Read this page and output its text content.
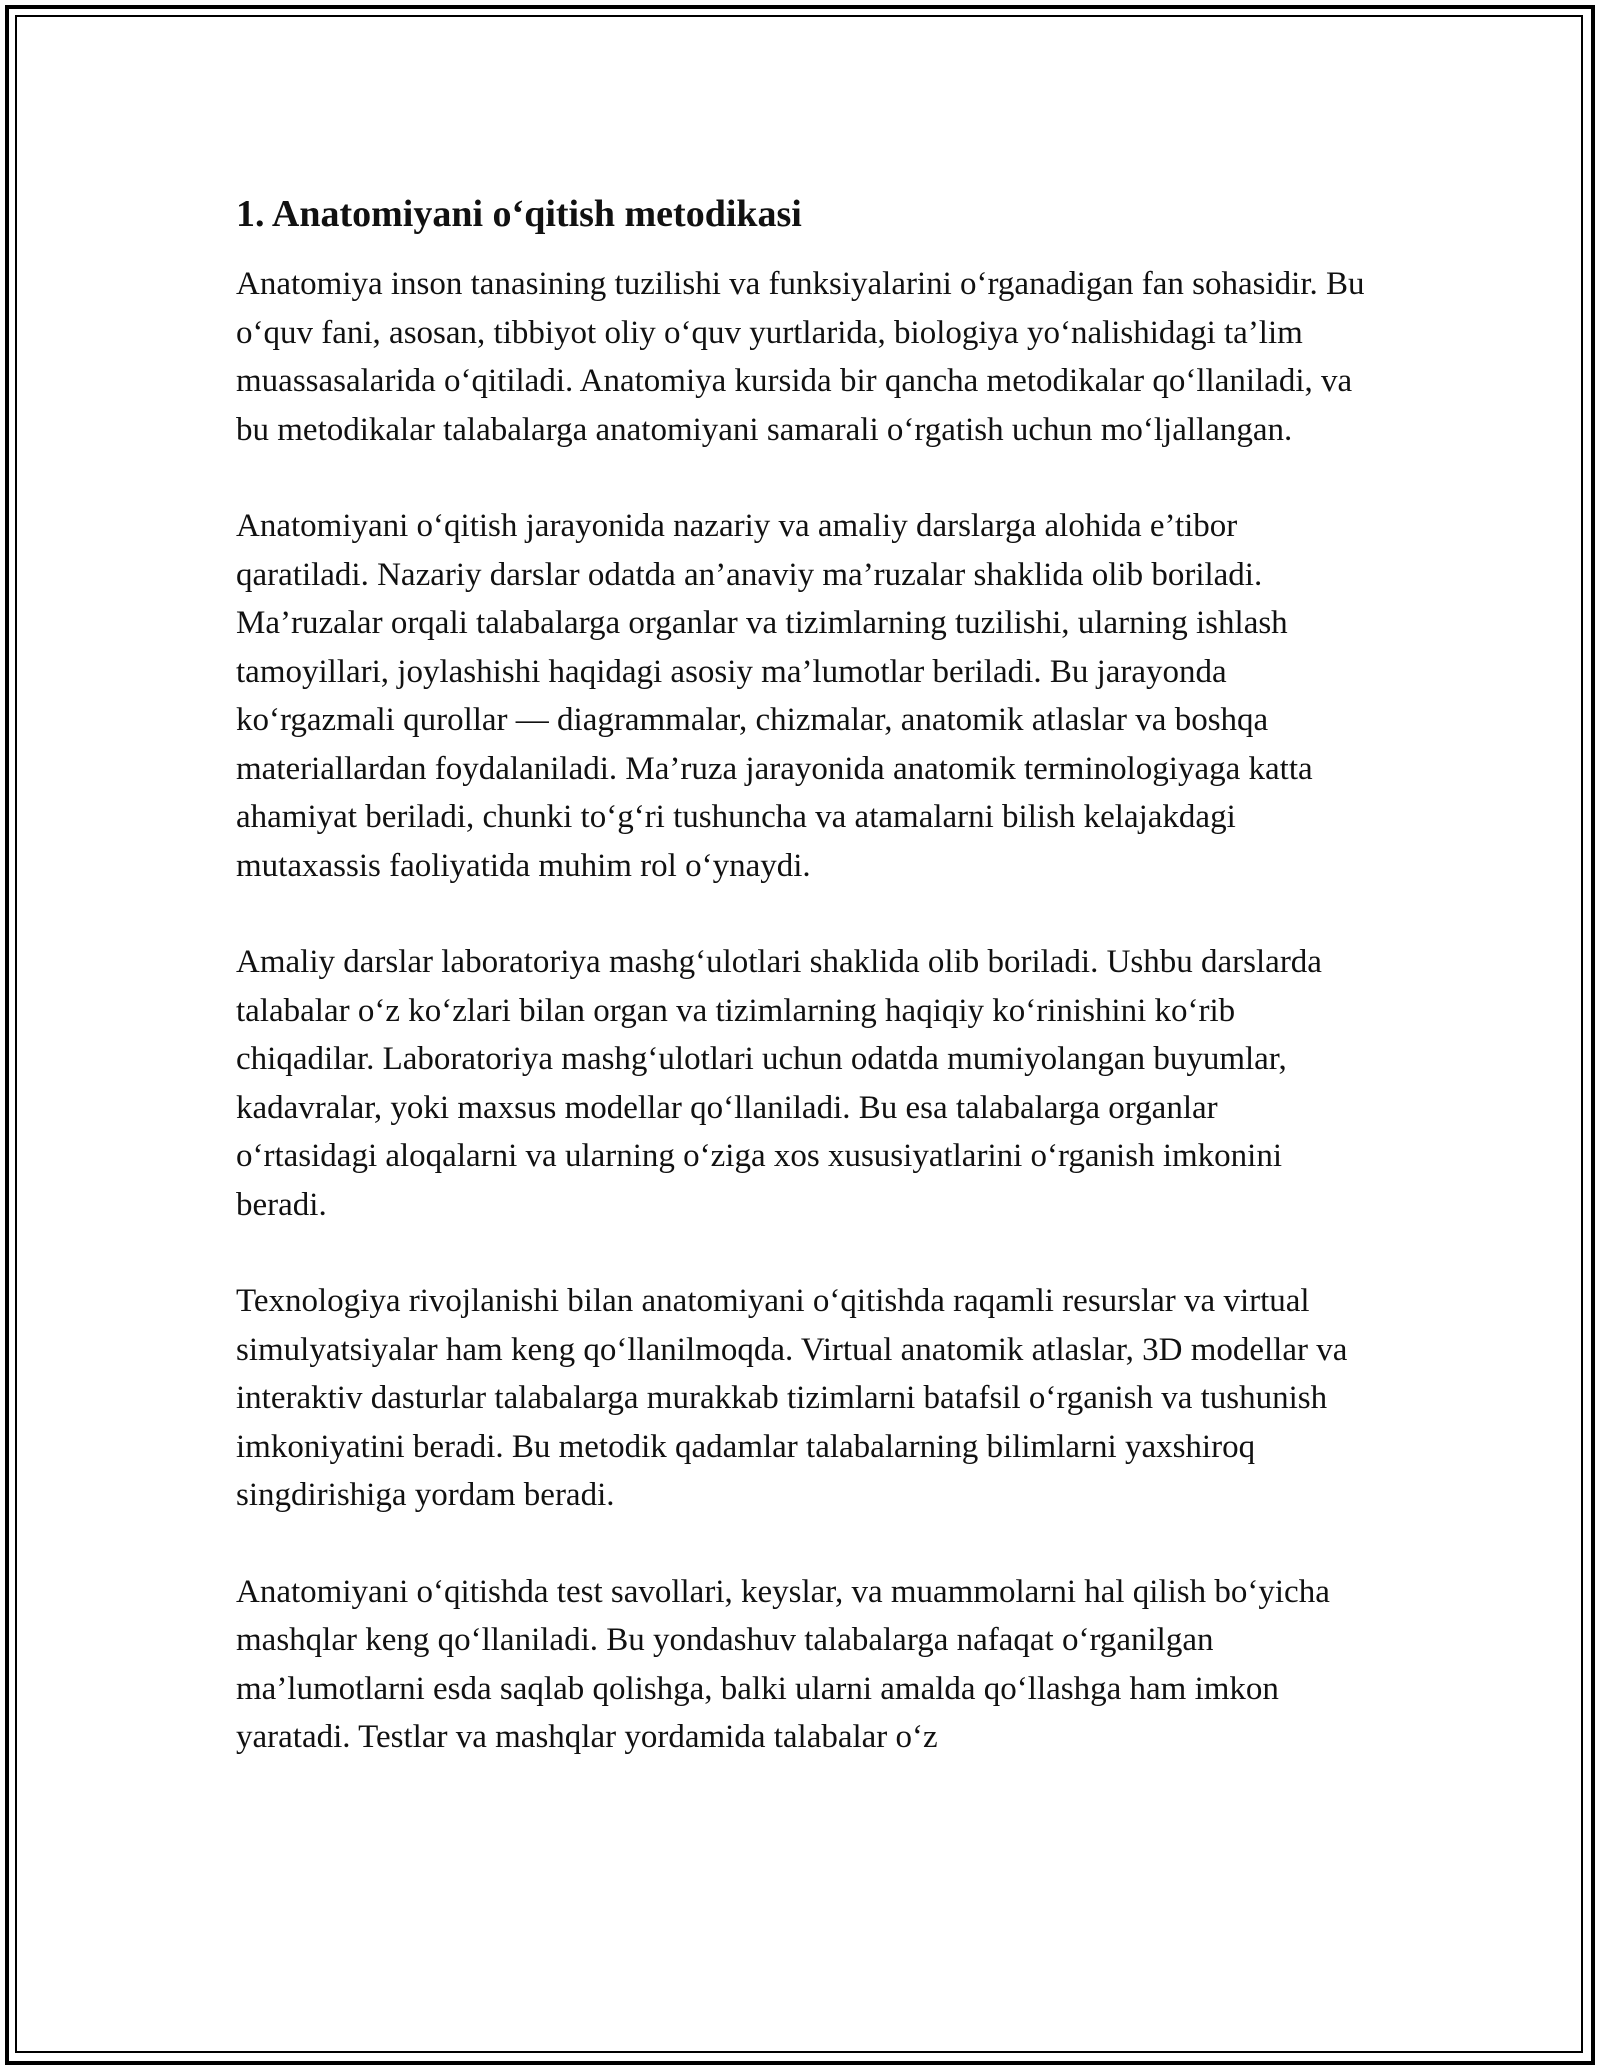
1. Anatomiyani o‘qitish metodikasi

Anatomiya inson tanasining tuzilishi va funksiyalarini o‘rganadigan fan sohasidir. Bu o‘quv fani, asosan, tibbiyot oliy o‘quv yurtlarida, biologiya yo‘nalishidagi ta’lim muassasalarida o‘qitiladi. Anatomiya kursida bir qancha metodikalar qo‘llaniladi, va bu metodikalar talabalarga anatomiyani samarali o‘rgatish uchun mo‘ljallangan.

Anatomiyani o‘qitish jarayonida nazariy va amaliy darslarga alohida e’tibor qaratiladi. Nazariy darslar odatda an’anaviy ma’ruzalar shaklida olib boriladi. Ma’ruzalar orqali talabalarga organlar va tizimlarning tuzilishi, ularning ishlash tamoyillari, joylashishi haqidagi asosiy ma’lumotlar beriladi. Bu jarayonda ko‘rgazmali qurollar — diagrammalar, chizmalar, anatomik atlaslar va boshqa materiallardan foydalaniladi. Ma’ruza jarayonida anatomik terminologiyaga katta ahamiyat beriladi, chunki to‘g‘ri tushuncha va atamalarni bilish kelajakdagi mutaxassis faoliyatida muhim rol o‘ynaydi.

Amaliy darslar laboratoriya mashg‘ulotlari shaklida olib boriladi. Ushbu darslarda talabalar o‘z ko‘zlari bilan organ va tizimlarning haqiqiy ko‘rinishini ko‘rib chiqadilar. Laboratoriya mashg‘ulotlari uchun odatda mumiyolangan buyumlar, kadavralar, yoki maxsus modellar qo‘llaniladi. Bu esa talabalarga organlar o‘rtasidagi aloqalarni va ularning o‘ziga xos xususiyatlarini o‘rganish imkonini beradi.

Texnologiya rivojlanishi bilan anatomiyani o‘qitishda raqamli resurslar va virtual simulyatsiyalar ham keng qo‘llanilmoqda. Virtual anatomik atlaslar, 3D modellar va interaktiv dasturlar talabalarga murakkab tizimlarni batafsil o‘rganish va tushunish imkoniyatini beradi. Bu metodik qadamlar talabalarning bilimlarni yaxshiroq singdirishiga yordam beradi.

Anatomiyani o‘qitishda test savollari, keyslar, va muammolarni hal qilish bo‘yicha mashqlar keng qo‘llaniladi. Bu yondashuv talabalarga nafaqat o‘rganilgan ma’lumotlarni esda saqlab qolishga, balki ularni amalda qo‘llashga ham imkon yaratadi. Testlar va mashqlar yordamida talabalar o‘z
